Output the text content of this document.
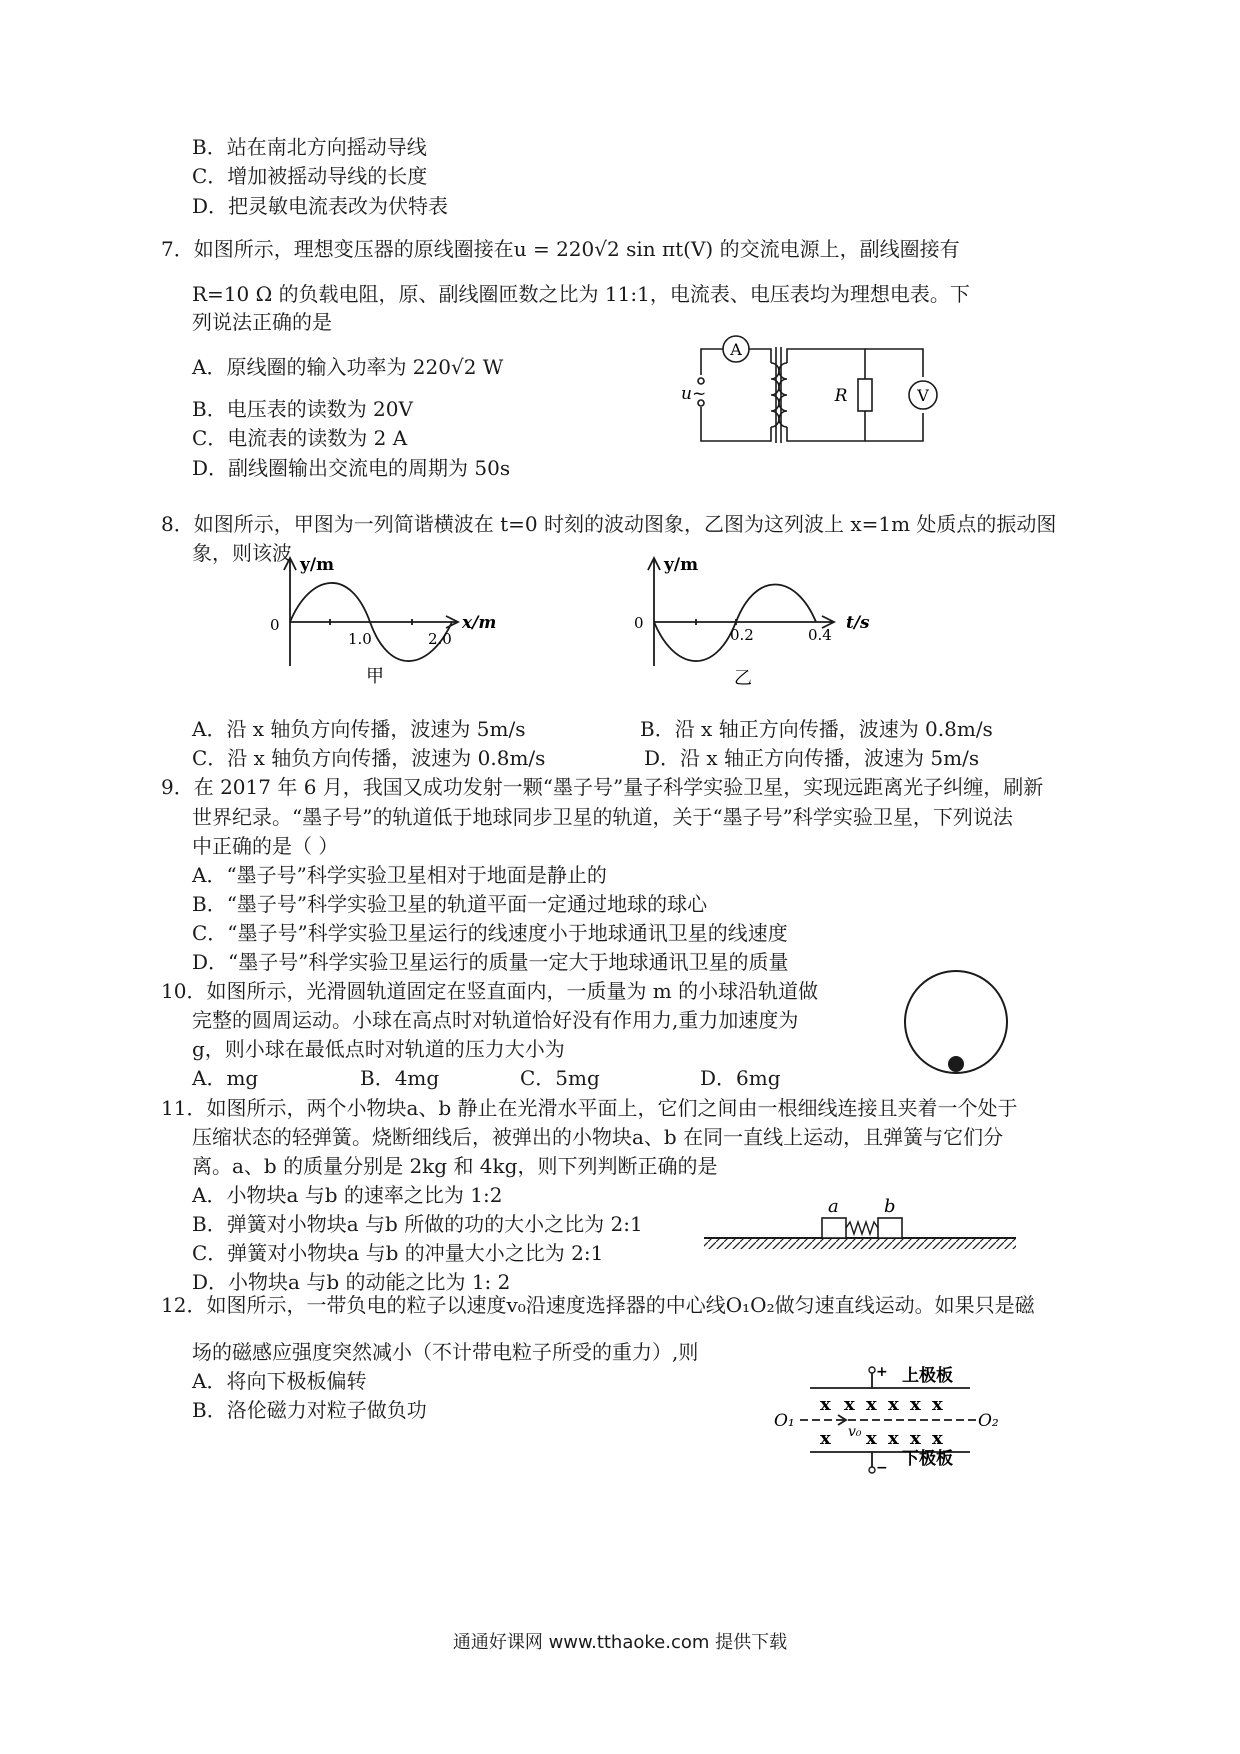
B．站在南北方向摇动导线
C．增加被摇动导线的长度
D．把灵敏电流表改为伏特表
7．如图所示，理想变压器的原线圈接在u = 220√2 sin πt(V) 的交流电源上，副线圈接有
R=10 Ω 的负载电阻，原、副线圈匝数之比为 11:1，电流表、电压表均为理想电表。下
列说法正确的是
A．原线圈的输入功率为 220√2 W
B．电压表的读数为 20V
C．电流表的读数为 2 A
D．副线圈输出交流电的周期为 50s
A
V
R
u~
8．如图所示，甲图为一列简谐横波在 t=0 时刻的波动图象，乙图为这列波上 x=1m 处质点的振动图
象，则该波 y/m
x/m
0
1.0	2.0
甲
y/m
t/s
0
0.2	0.4
乙
A．沿 x 轴负方向传播，波速为 5m/s	B．沿 x 轴正方向传播，波速为 0.8m/s
C．沿 x 轴负方向传播，波速为 0.8m/s	D．沿 x 轴正方向传播，波速为 5m/s
9．在 2017 年 6 月，我国又成功发射一颗“墨子号”量子科学实验卫星，实现远距离光子纠缠，刷新
世界纪录。“墨子号”的轨道低于地球同步卫星的轨道，关于“墨子号”科学实验卫星，下列说法
中正确的是（ ）
A．“墨子号”科学实验卫星相对于地面是静止的
B．“墨子号”科学实验卫星的轨道平面一定通过地球的球心
C．“墨子号”科学实验卫星运行的线速度小于地球通讯卫星的线速度
D．“墨子号”科学实验卫星运行的质量一定大于地球通讯卫星的质量
10．如图所示，光滑圆轨道固定在竖直面内，一质量为 m 的小球沿轨道做
完整的圆周运动。小球在高点时对轨道恰好没有作用力,重力加速度为
g，则小球在最低点时对轨道的压力大小为
A．mg	B．4mg	C．5mg	D．6mg
11．如图所示，两个小物块a、b 静止在光滑水平面上，它们之间由一根细线连接且夹着一个处于
压缩状态的轻弹簧。烧断细线后，被弹出的小物块a、b 在同一直线上运动，且弹簧与它们分
离。a、b 的质量分别是 2kg 和 4kg，则下列判断正确的是
A．小物块a 与b 的速率之比为 1:2
B．弹簧对小物块a 与b 所做的功的大小之比为 2:1
C．弹簧对小物块a 与b 的冲量大小之比为 2:1
D．小物块a 与b 的动能之比为 1: 2
a	b
12．如图所示，一带负电的粒子以速度v₀沿速度选择器的中心线O₁O₂做匀速直线运动。如果只是磁
场的磁感应强度突然减小（不计带电粒子所受的重力）,则
A．将向下极板偏转
B．洛伦磁力对粒子做负功
+
−
上极板
下极板
O₁	O₂
v₀
x x x x x x
x x x x x
通通好课网 www.tthaoke.com 提供下载
